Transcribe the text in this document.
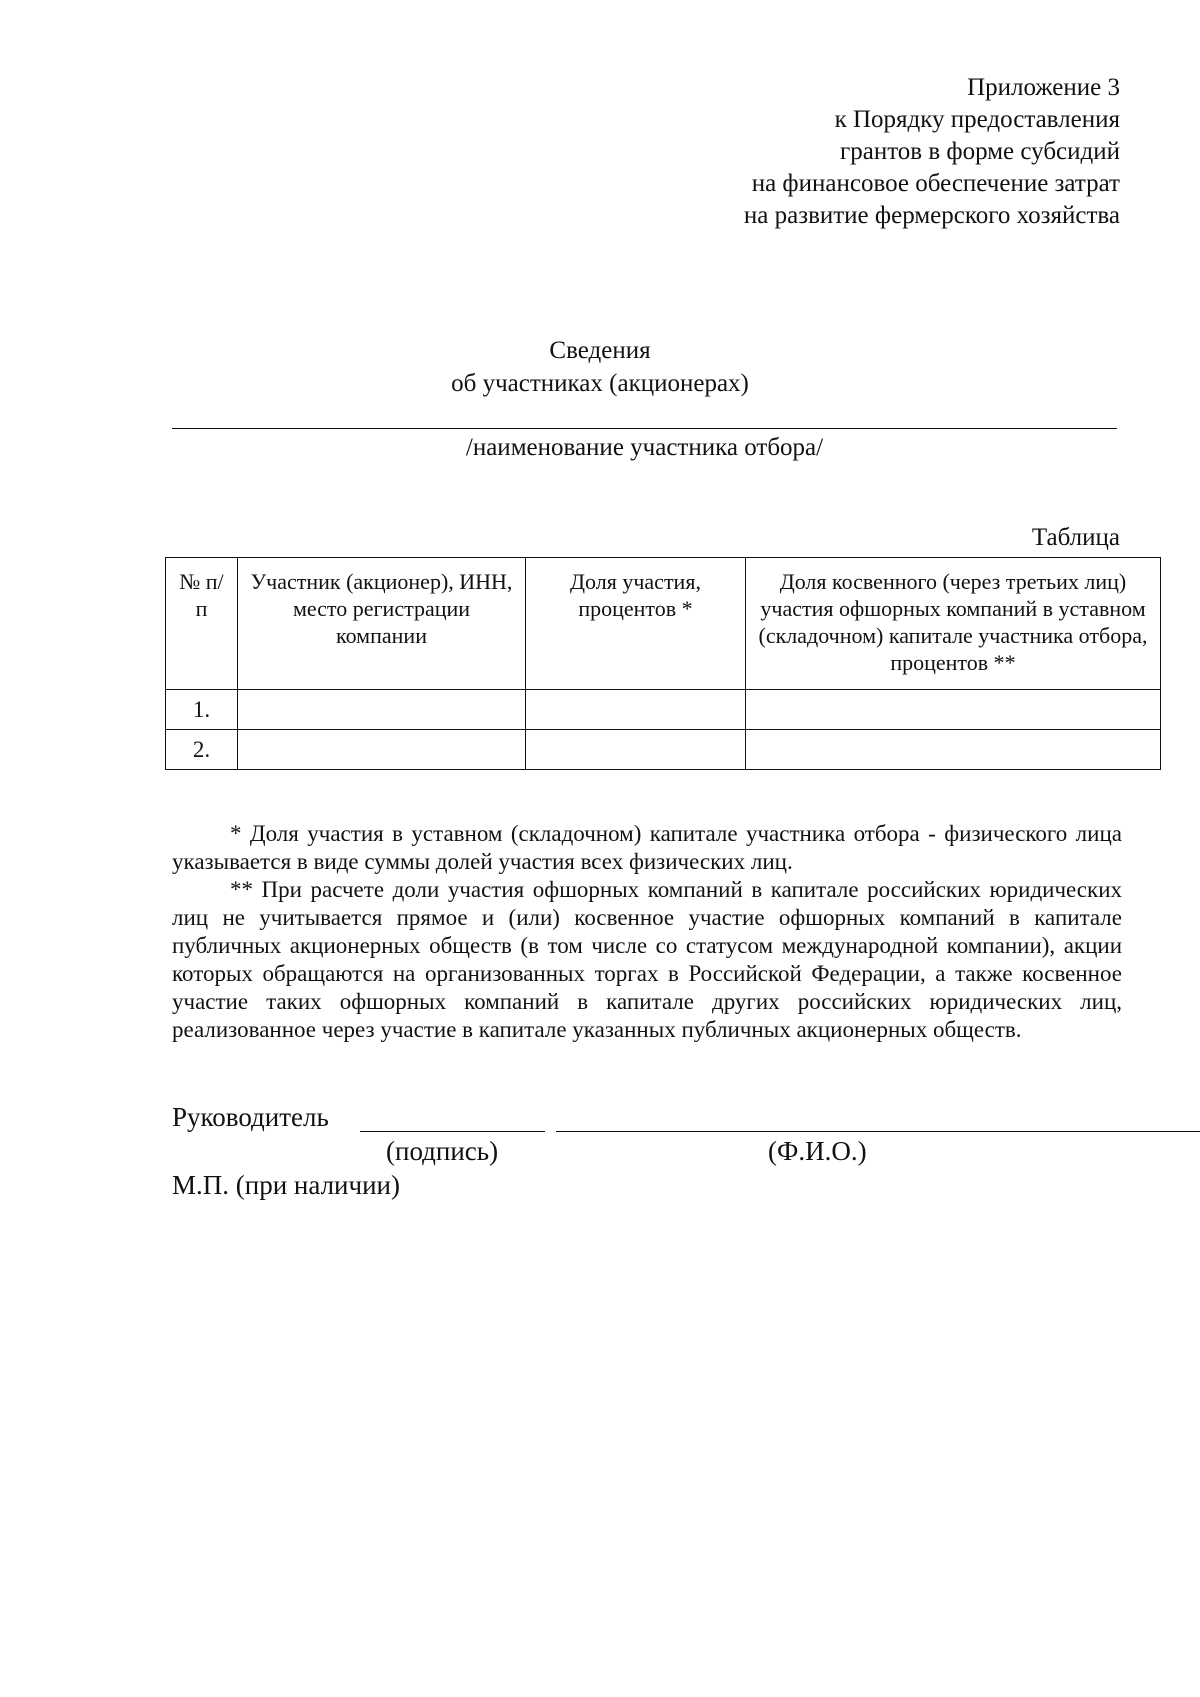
Приложение 3
к Порядку предоставления
грантов в форме субсидий
на финансовое обеспечение затрат
на развитие фермерского хозяйства
Сведения
об участниках (акционерах)
/наименование участника отбора/
Таблица
№ п/п	Участник (акционер), ИНН, место регистрации компании	Доля участия, процентов *	Доля косвенного (через третьих лиц) участия офшорных компаний в уставном (складочном) капитале участника отбора, процентов **
1.			
2.			

* Доля участия в уставном (складочном) капитале участника отбора - физического лица указывается в виде суммы долей участия всех физических лиц.

** При расчете доли участия офшорных компаний в капитале российских юридических лиц не учитывается прямое и (или) косвенное участие офшорных компаний в капитале публичных акционерных обществ (в том числе со статусом международной компании), акции которых обращаются на организованных торгах в Российской Федерации, а также косвенное участие таких офшорных компаний в капитале других российских юридических лиц, реализованное через участие в капитале указанных публичных акционерных обществ.

Руководитель
(подпись)	(Ф.И.О.)
М.П. (при наличии)
